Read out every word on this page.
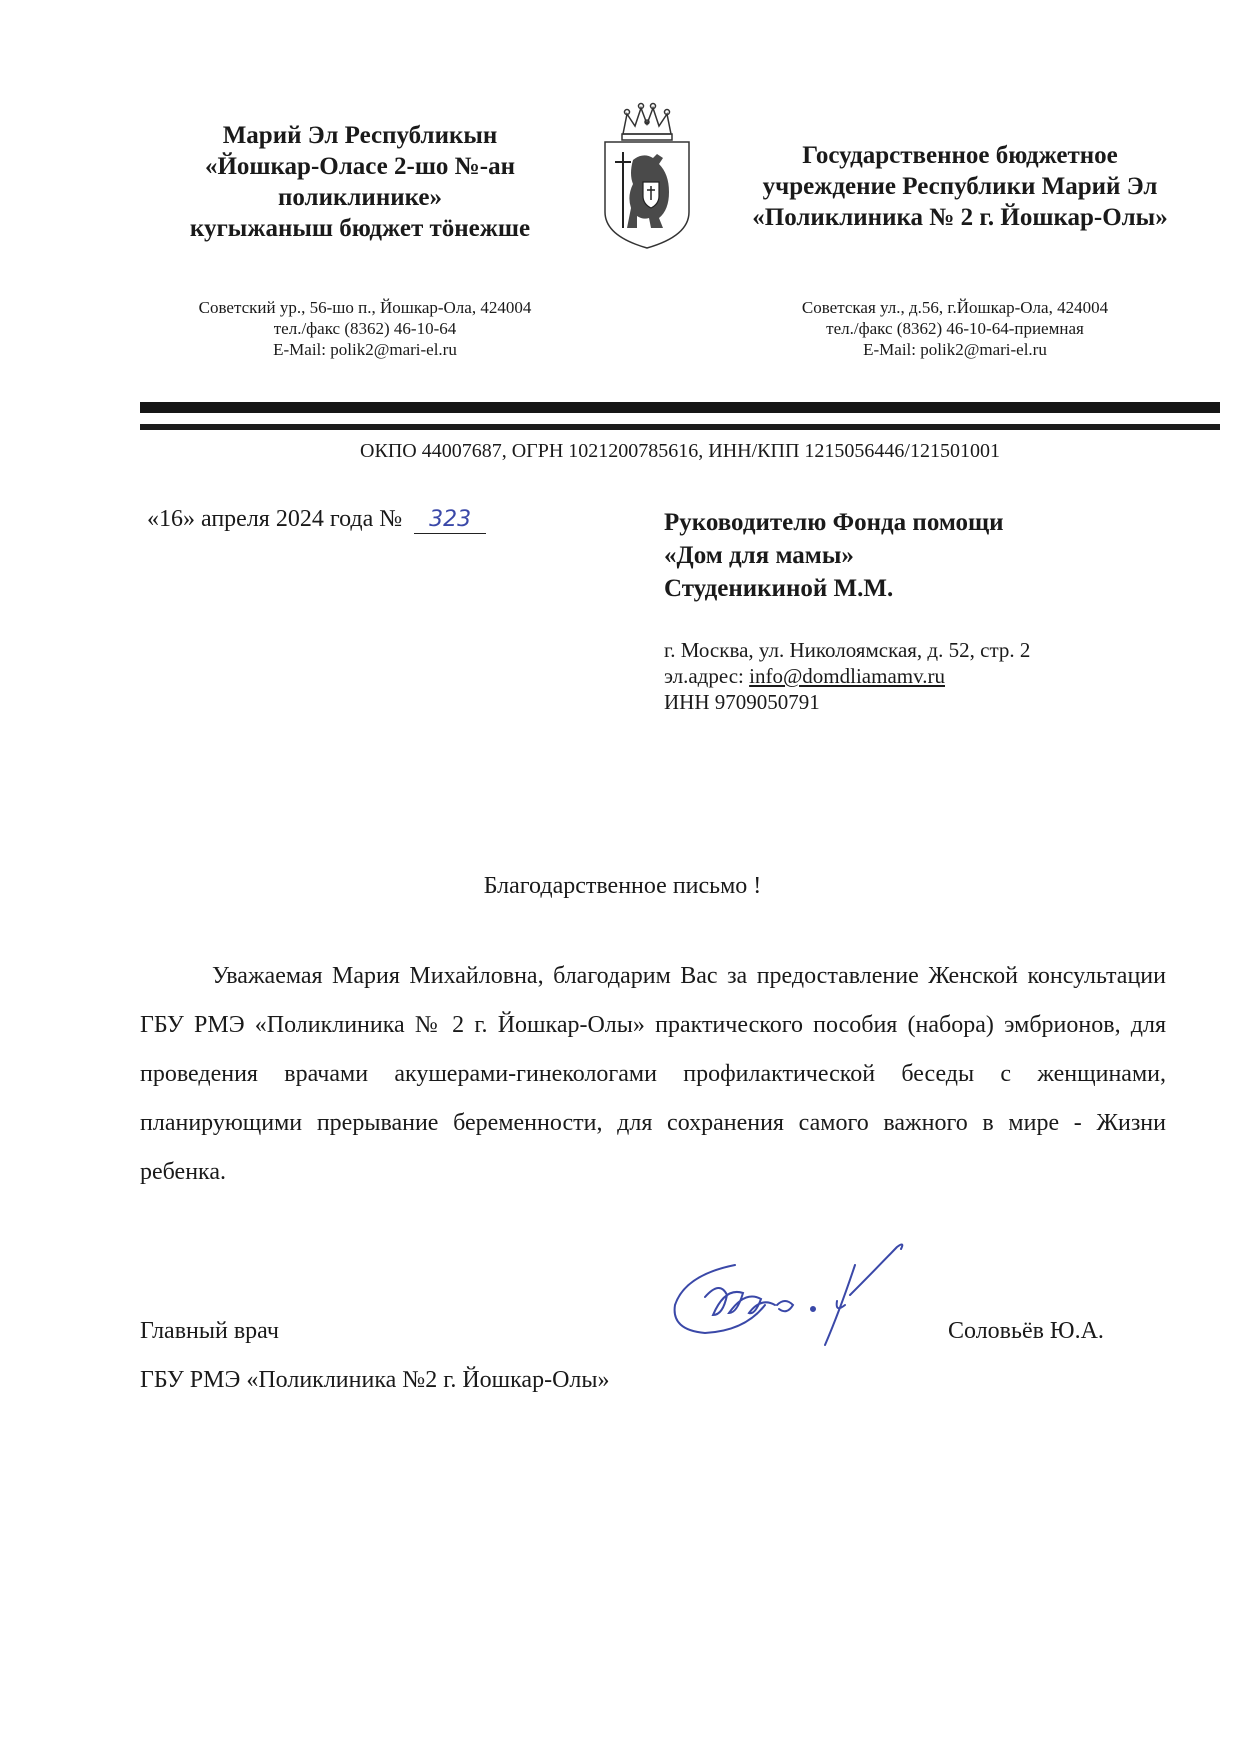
Марий Эл Республикын
«Йошкар-Оласе 2-шо №-ан
поликлинике»
кугыжаныш бюджет тӧнежше
Советский ур., 56-шо п., Йошкар-Ола, 424004
тел./факс (8362) 46-10-64
E-Mail: polik2@mari-el.ru
Государственное бюджетное
учреждение Республики Марий Эл
«Поликлиника № 2 г. Йошкар-Олы»
Советская ул., д.56, г.Йошкар-Ола, 424004
тел./факс (8362) 46-10-64-приемная
E-Mail: polik2@mari-el.ru
ОКПО 44007687, ОГРН 1021200785616, ИНН/КПП 1215056446/121501001
«16» апреля 2024 года № 323	Руководителю Фонда помощи
«Дом для мамы»
Студеникиной М.М.
г. Москва, ул. Николоямская, д. 52, стр. 2
эл.адрес: info@domdliamamv.ru
ИНН 9709050791
Благодарственное письмо !
Уважаемая Мария Михайловна, благодарим Вас за предоставление Женской консультации ГБУ РМЭ «Поликлиника № 2 г. Йошкар-Олы» практического пособия (набора) эмбрионов, для проведения врачами акушерами-гинекологами профилактической беседы с женщинами, планирующими прерывание беременности, для сохранения самого важного в мире - Жизни ребенка.
Главный врач
ГБУ РМЭ «Поликлиника №2 г. Йошкар-Олы»
Соловьёв Ю.А.
